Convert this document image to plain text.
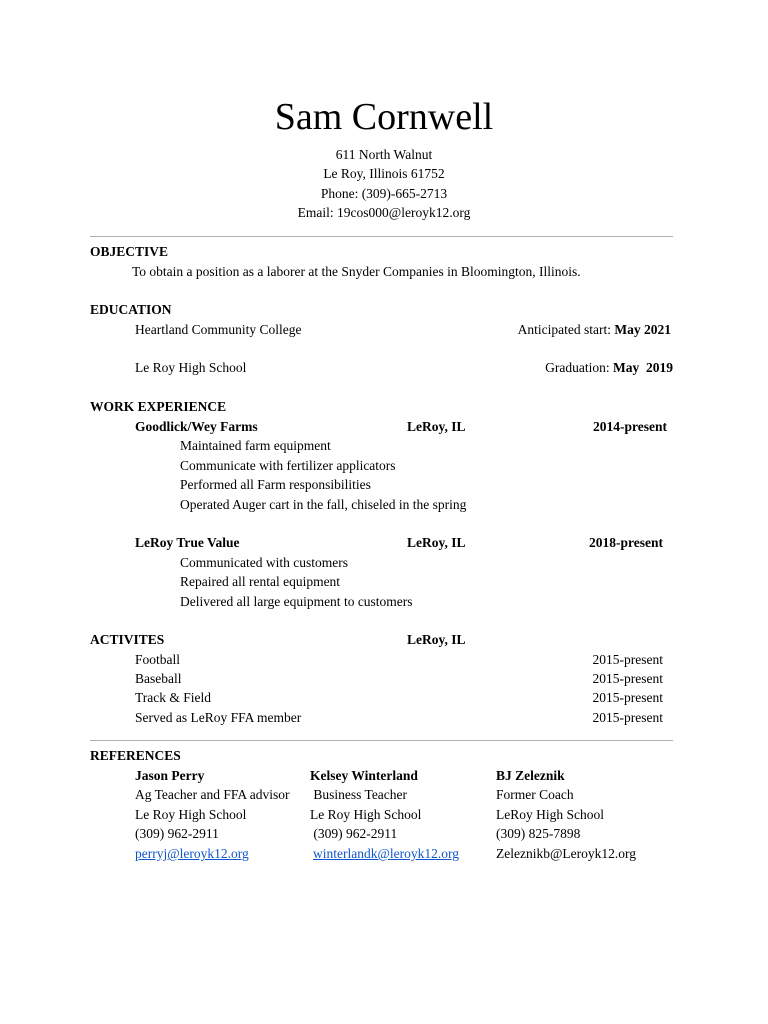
Sam Cornwell
611 North Walnut
Le Roy, Illinois 61752
Phone: (309)-665-2713
Email: 19cos000@leroyk12.org
OBJECTIVE
To obtain a position as a laborer at the Snyder Companies in Bloomington, Illinois.
EDUCATION
Heartland Community College	Anticipated start: May 2021
Le Roy High School	Graduation: May  2019
WORK EXPERIENCE
Goodlick/Wey Farms	LeRoy, IL	2014-present
Maintained farm equipment
Communicate with fertilizer applicators
Performed all Farm responsibilities
Operated Auger cart in the fall, chiseled in the spring
LeRoy True Value	LeRoy, IL	2018-present
Communicated with customers
Repaired all rental equipment
Delivered all large equipment to customers
ACTIVITES	LeRoy, IL
Football	2015-present
Baseball	2015-present
Track & Field	2015-present
Served as LeRoy FFA member	2015-present
REFERENCES
Jason Perry
Ag Teacher and FFA advisor
Le Roy High School
(309) 962-2911
perryj@leroyk12.org
Kelsey Winterland
Business Teacher
Le Roy High School
(309) 962-2911
winterlandk@leroyk12.org
BJ Zeleznik
Former Coach
LeRoy High School
(309) 825-7898
Zeleznikb@Leroyk12.org
